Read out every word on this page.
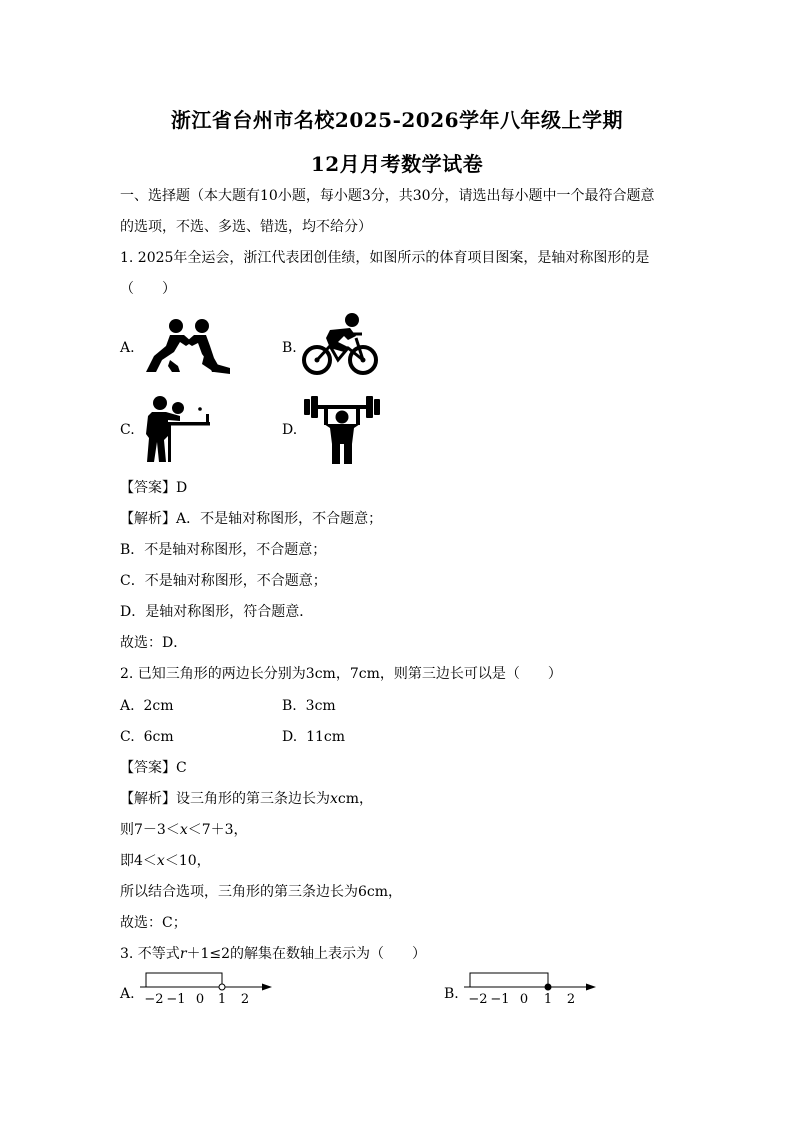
浙江省台州市名校2025-2026学年八年级上学期
12月月考数学试卷
一、选择题（本大题有10小题，每小题3分，共30分，请选出每小题中一个最符合题意
的选项，不选、多选、错选，均不给分）
1. 2025年全运会，浙江代表团创佳绩，如图所示的体育项目图案，是轴对称图形的是
（　　）
A.	B.
C.	D.
【答案】D
【解析】A．不是轴对称图形，不合题意；
B．不是轴对称图形，不合题意；
C．不是轴对称图形，不合题意；
D．是轴对称图形，符合题意．
故选：D．
2. 已知三角形的两边长分别为3cm，7cm，则第三边长可以是（　　）
A. 2cm	B. 3cm
C. 6cm	D. 11cm
【答案】C
【解析】设三角形的第三条边长为xcm，
则7－3＜x＜7＋3，
即4＜x＜10，
所以结合选项，三角形的第三条边长为6cm，
故选：C；
3. 不等式r＋1≤2的解集在数轴上表示为（　　）
A. −2 −1 0 1 2	B. −2 −1 0 1 2
